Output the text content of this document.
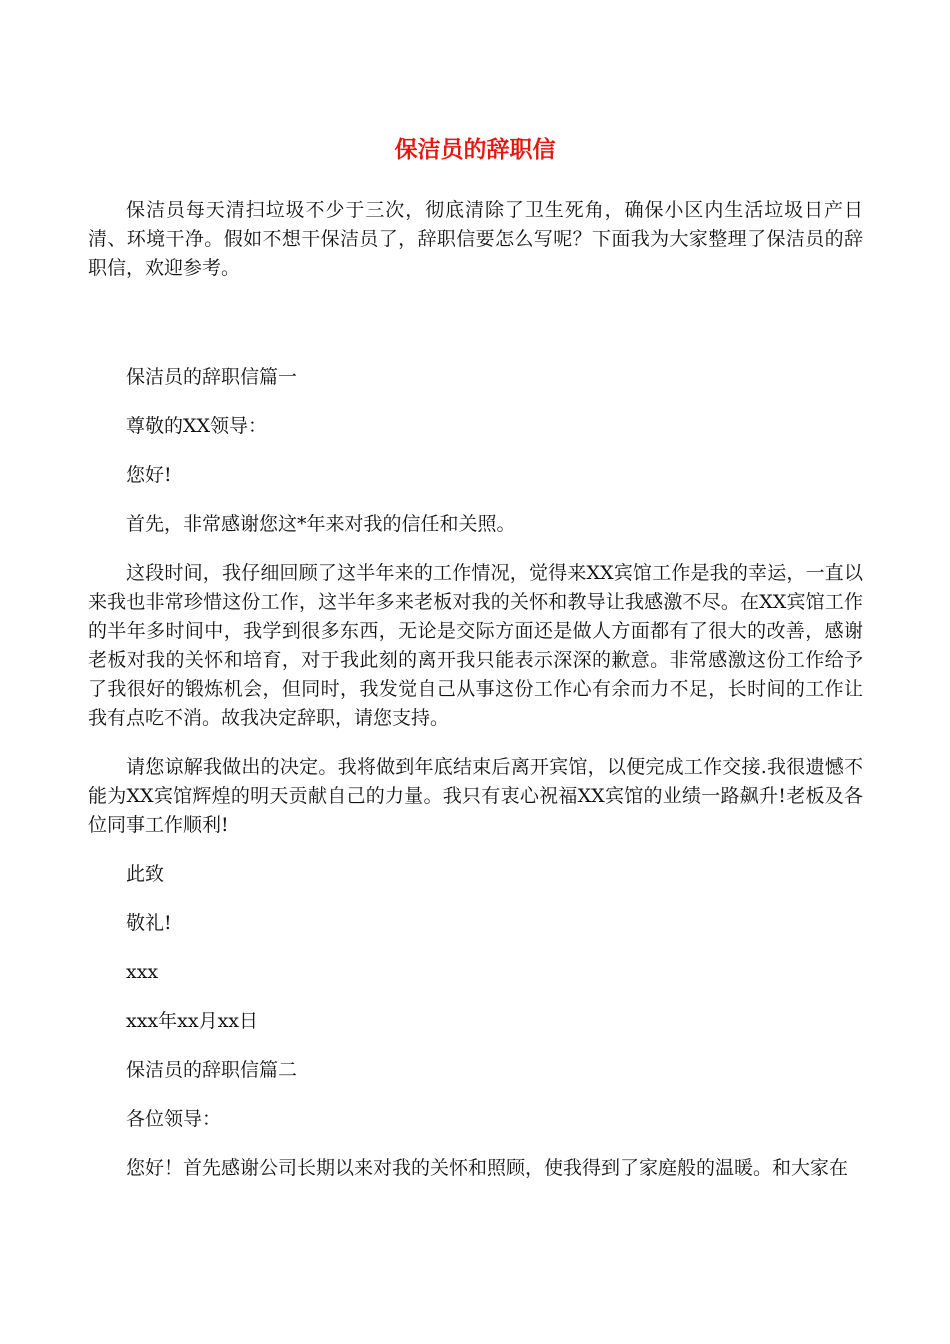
保洁员的辞职信

保洁员每天清扫垃圾不少于三次，彻底清除了卫生死角，确保小区内生活垃圾日产日清、环境干净。假如不想干保洁员了，辞职信要怎么写呢？下面我为大家整理了保洁员的辞职信，欢迎参考。

保洁员的辞职信篇一

尊敬的XX领导：

您好!

首先，非常感谢您这*年来对我的信任和关照。

这段时间，我仔细回顾了这半年来的工作情况，觉得来XX宾馆工作是我的幸运，一直以来我也非常珍惜这份工作，这半年多来老板对我的关怀和教导让我感激不尽。在XX宾馆工作的半年多时间中，我学到很多东西，无论是交际方面还是做人方面都有了很大的改善，感谢老板对我的关怀和培育，对于我此刻的离开我只能表示深深的歉意。非常感激这份工作给予了我很好的锻炼机会，但同时，我发觉自己从事这份工作心有余而力不足，长时间的工作让我有点吃不消。故我决定辞职，请您支持。

请您谅解我做出的决定。我将做到年底结束后离开宾馆，以便完成工作交接.我很遗憾不能为XX宾馆辉煌的明天贡献自己的力量。我只有衷心祝福XX宾馆的业绩一路飙升!老板及各位同事工作顺利!

此致

敬礼!

xxx

xxx年xx月xx日

保洁员的辞职信篇二

各位领导：

您好！首先感谢公司长期以来对我的关怀和照顾，使我得到了家庭般的温暖。和大家在
